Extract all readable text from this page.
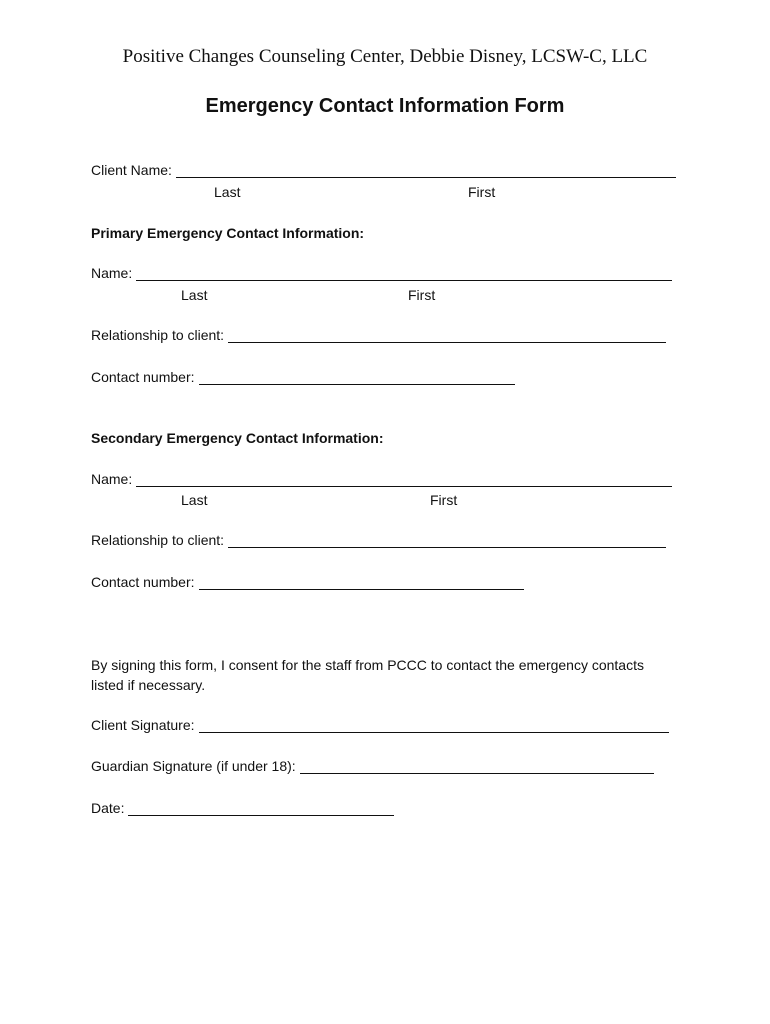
Positive Changes Counseling Center, Debbie Disney, LCSW-C, LLC
Emergency Contact Information Form
Client Name:
Last	First
Primary Emergency Contact Information:
Name:
Last	First
Relationship to client:
Contact number:
Secondary Emergency Contact Information:
Name:
Last	First
Relationship to client:
Contact number:
By signing this form, I consent for the staff from PCCC to contact the emergency contacts listed if necessary.
Client Signature:
Guardian Signature (if under 18):
Date:
